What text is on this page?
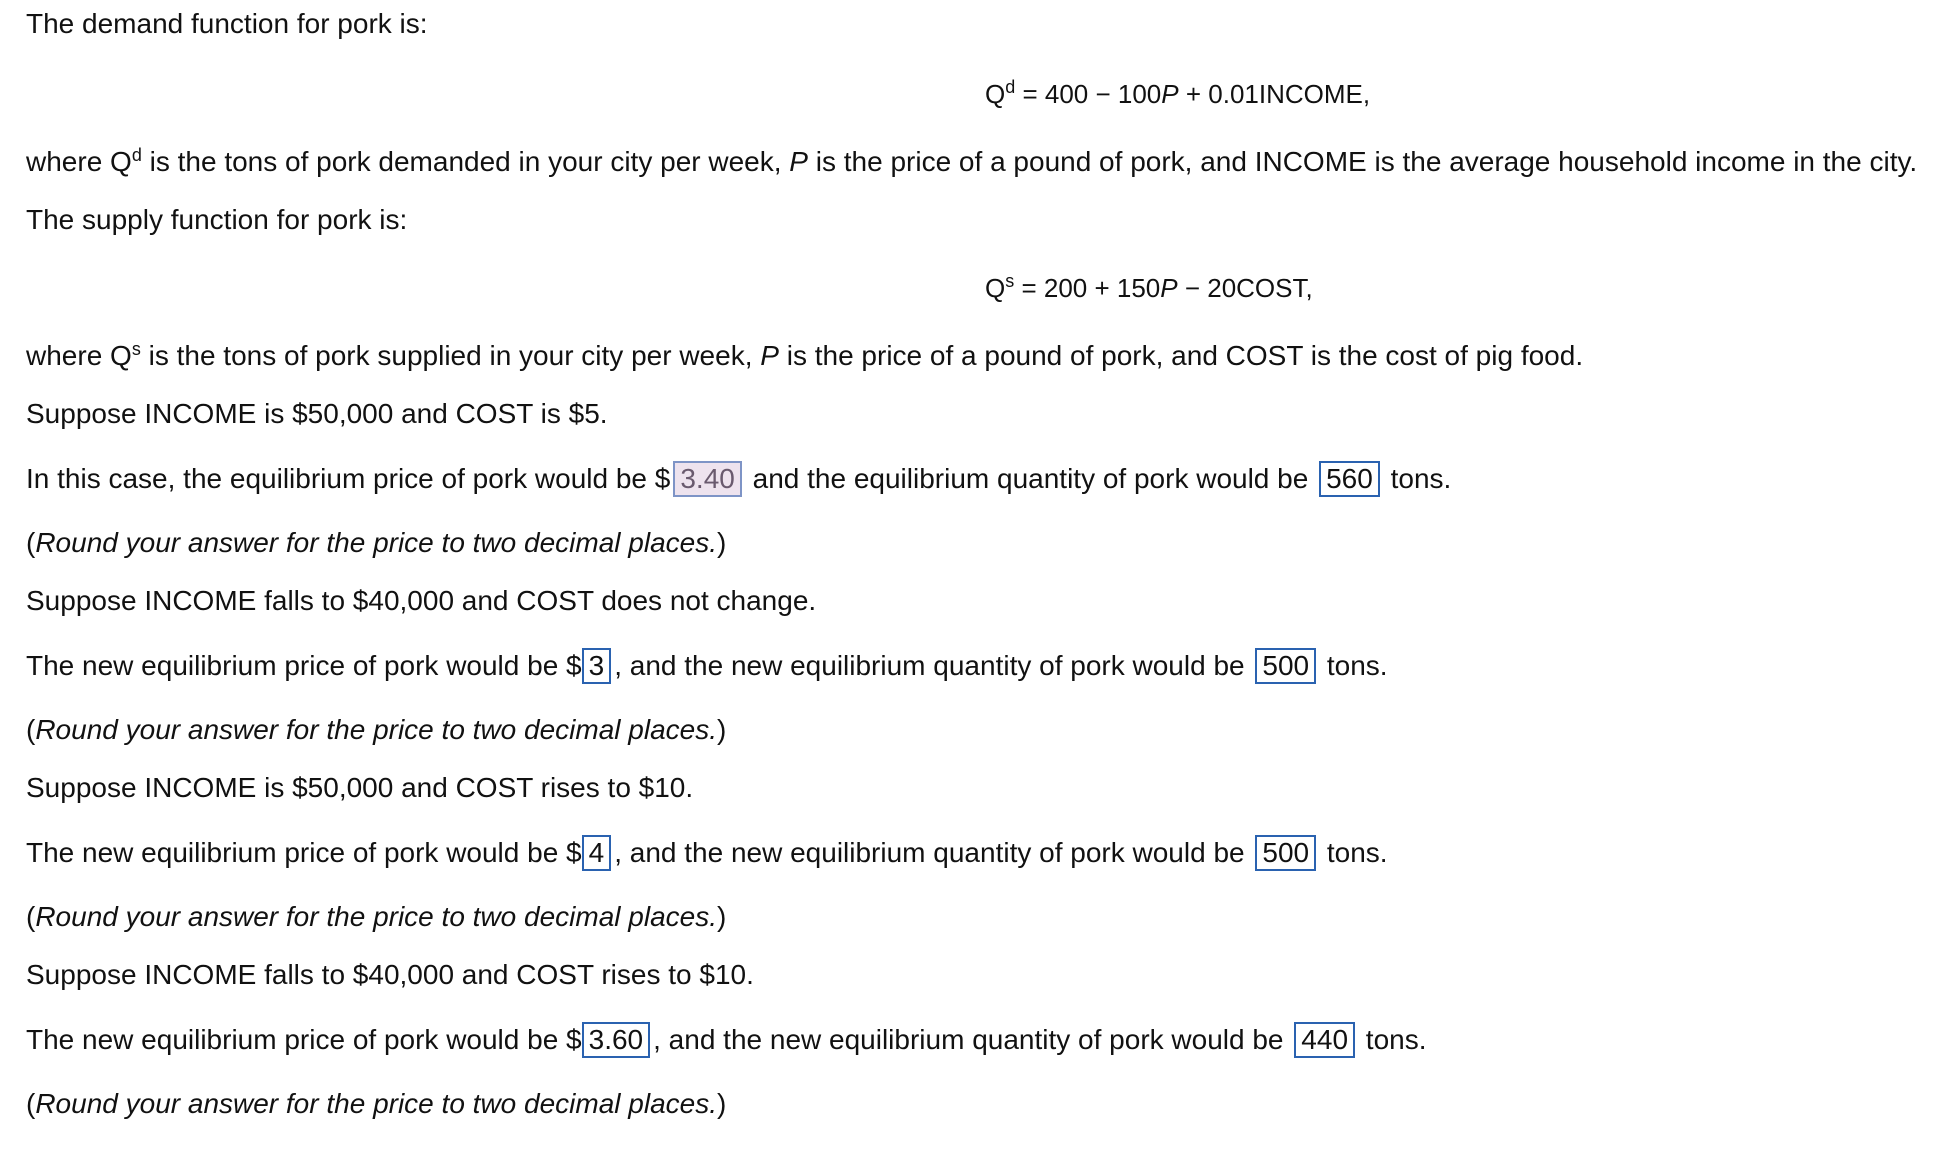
The demand function for pork is:
$Q^d = 400 - 100P$ + 0.01INCOME,
where $Q^d$ is the tons of pork demanded in your city per week, P is the price of a pound of pork, and INCOME is the average household income in the city.
The supply function for pork is:
$Q^s = 200 + 150P$ − 20COST,
where $Q^s$ is the tons of pork supplied in your city per week, P is the price of a pound of pork, and COST is the cost of pig food.
Suppose INCOME is $50,000 and COST is $5.
In this case, the equilibrium price of pork would be $ 3.40 and the equilibrium quantity of pork would be 560 tons.
(Round your answer for the price to two decimal places.)
Suppose INCOME falls to $40,000 and COST does not change.
The new equilibrium price of pork would be $ 3 , and the new equilibrium quantity of pork would be 500 tons.
(Round your answer for the price to two decimal places.)
Suppose INCOME is $50,000 and COST rises to $10.
The new equilibrium price of pork would be $ 4 , and the new equilibrium quantity of pork would be 500 tons.
(Round your answer for the price to two decimal places.)
Suppose INCOME falls to $40,000 and COST rises to $10.
The new equilibrium price of pork would be $ 3.60 , and the new equilibrium quantity of pork would be 440 tons.
(Round your answer for the price to two decimal places.)
